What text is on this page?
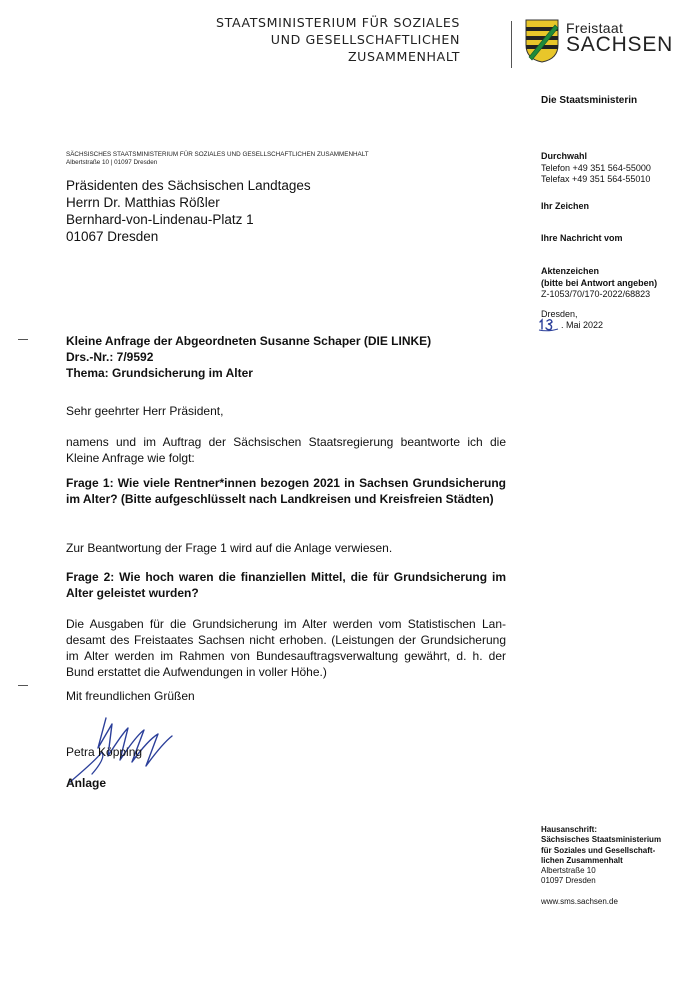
STAATSMINISTERIUM FÜR SOZIALES
UND GESELLSCHAFTLICHEN
ZUSAMMENHALT
Freistaat
SACHSEN
Die Staatsministerin
Durchwahl
Telefon +49 351 564-55000
Telefax +49 351 564-55010
Ihr Zeichen
Ihre Nachricht vom
Aktenzeichen
(bitte bei Antwort angeben)
Z-1053/70/170-2022/68823
Dresden,
. Mai 2022
SÄCHSISCHES STAATSMINISTERIUM FÜR SOZIALES UND GESELLSCHAFTLICHEN ZUSAMMENHALT
Albertstraße 10 | 01097 Dresden
Präsidenten des Sächsischen Landtages
Herrn Dr. Matthias Rößler
Bernhard-von-Lindenau-Platz 1
01067 Dresden
Kleine Anfrage der Abgeordneten Susanne Schaper (DIE LINKE)
Drs.-Nr.: 7/9592
Thema: Grundsicherung im Alter
Sehr geehrter Herr Präsident,
namens und im Auftrag der Sächsischen Staatsregierung beantworte ich die Kleine Anfrage wie folgt:
Frage 1: Wie viele Rentner*innen bezogen 2021 in Sachsen Grundsicherung im Alter? (Bitte aufgeschlüsselt nach Landkreisen und Kreisfreien Städten)
Zur Beantwortung der Frage 1 wird auf die Anlage verwiesen.
Frage 2: Wie hoch waren die finanziellen Mittel, die für Grundsicherung im Alter geleistet wurden?
Die Ausgaben für die Grundsicherung im Alter werden vom Statistischen Landesamt des Freistaates Sachsen nicht erhoben. (Leistungen der Grundsicherung im Alter werden im Rahmen von Bundesauftragsverwaltung gewährt, d. h. der Bund erstattet die Aufwendungen in voller Höhe.)
Mit freundlichen Grüßen
Petra Köpping
Anlage
Hausanschrift:
Sächsisches Staatsministerium
für Soziales und Gesellschaft-
lichen Zusammenhalt
Albertstraße 10
01097 Dresden
www.sms.sachsen.de
